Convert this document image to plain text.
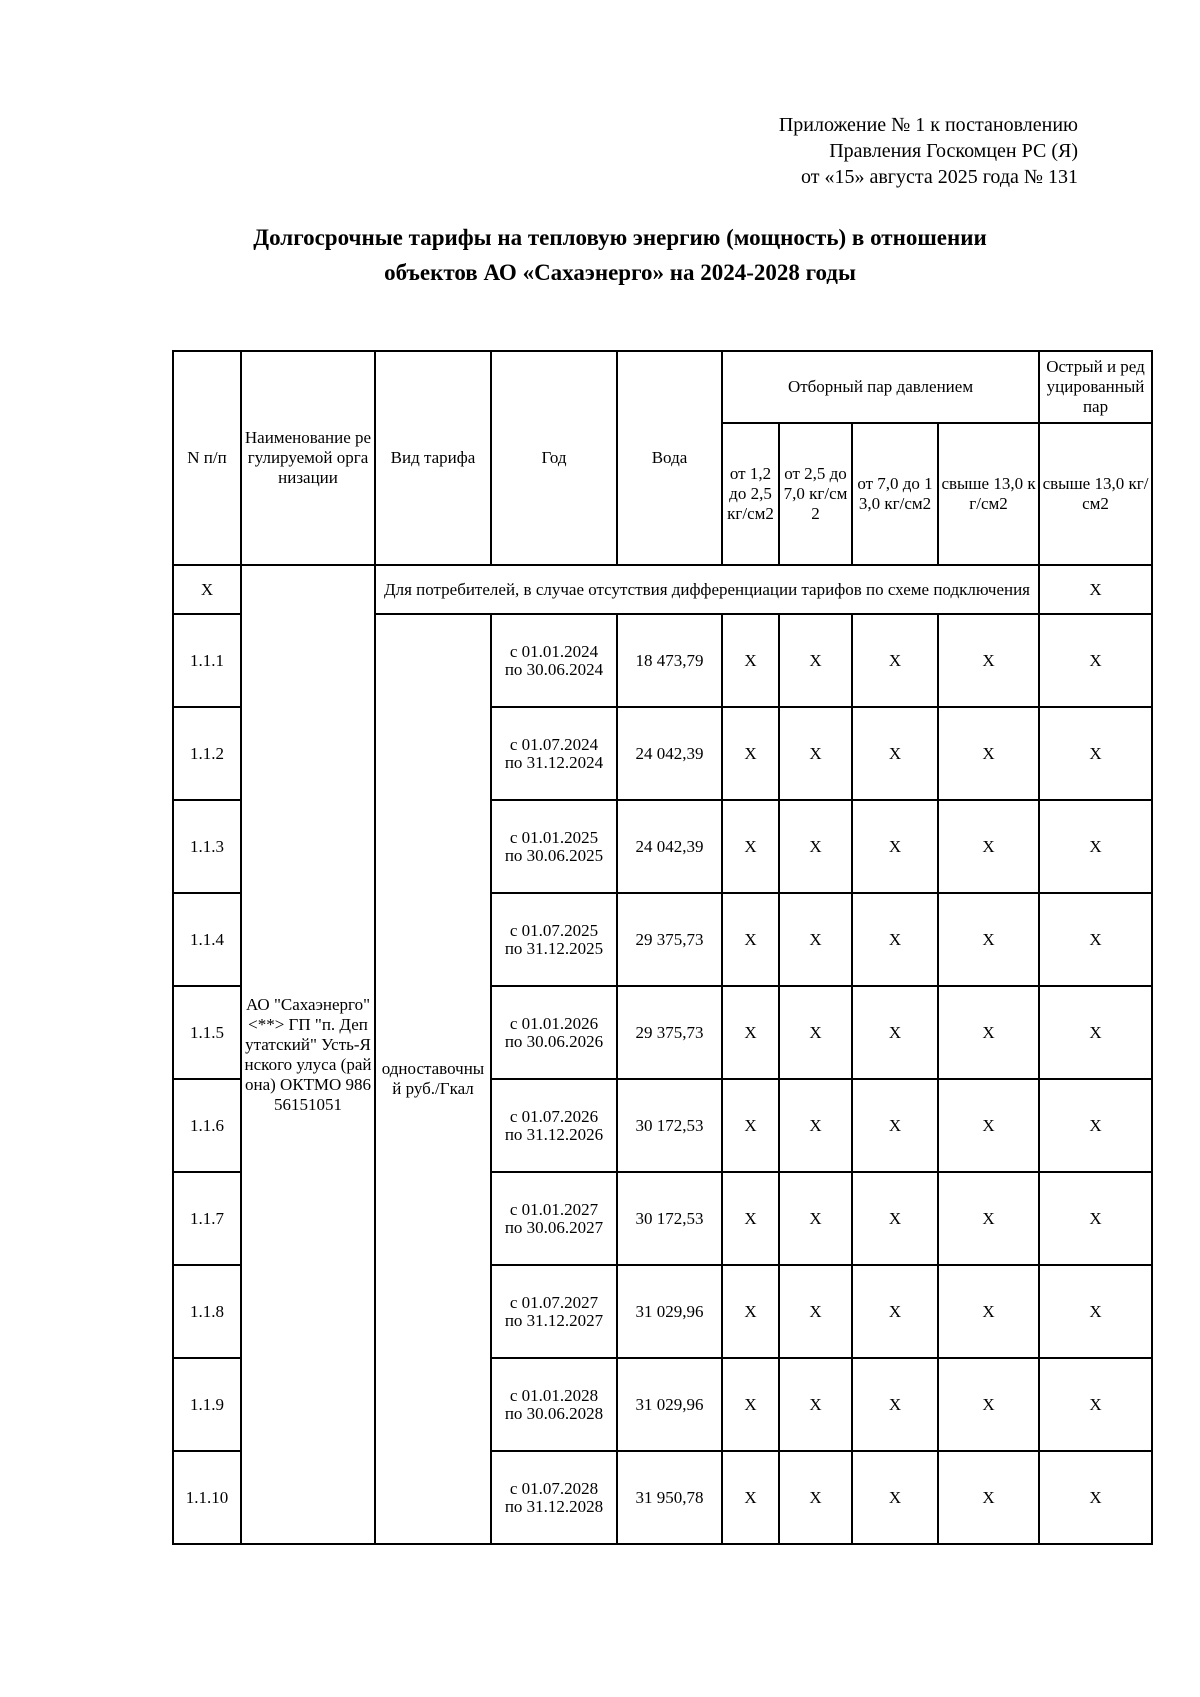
Приложение № 1 к постановлению
Правления Госкомцен РС (Я)
от «15» августа 2025 года № 131
Долгосрочные тарифы на тепловую энергию (мощность) в отношении
объектов АО «Сахаэнерго» на 2024-2028 годы
N п/п	Наименование регулируемой организации	Вид тарифа	Год	Вода	Отборный пар давлением				Острый и редуцированный пар
					от 1,2 до 2,5 кг/см2	от 2,5 до 7,0 кг/см2	от 7,0 до 13,0 кг/см2	свыше 13,0 кг/см2	свыше 13,0 кг/см2
X	АО "Сахаэнерго" <**> ГП "п. Депутатский" Усть-Янского улуса (района) ОКТМО 98656151051	Для потребителей, в случае отсутствия дифференциации тарифов по схеме подключения							X
1.1.1		одноставочный руб./Гкал	с 01.01.2024
по 30.06.2024	18 473,79	X	X	X	X	X
1.1.2			с 01.07.2024
по 31.12.2024	24 042,39	X	X	X	X	X
1.1.3			с 01.01.2025
по 30.06.2025	24 042,39	X	X	X	X	X
1.1.4			с 01.07.2025
по 31.12.2025	29 375,73	X	X	X	X	X
1.1.5			с 01.01.2026
по 30.06.2026	29 375,73	X	X	X	X	X
1.1.6			с 01.07.2026
по 31.12.2026	30 172,53	X	X	X	X	X
1.1.7			с 01.01.2027
по 30.06.2027	30 172,53	X	X	X	X	X
1.1.8			с 01.07.2027
по 31.12.2027	31 029,96	X	X	X	X	X
1.1.9			с 01.01.2028
по 30.06.2028	31 029,96	X	X	X	X	X
1.1.10			с 01.07.2028
по 31.12.2028	31 950,78	X	X	X	X	X
